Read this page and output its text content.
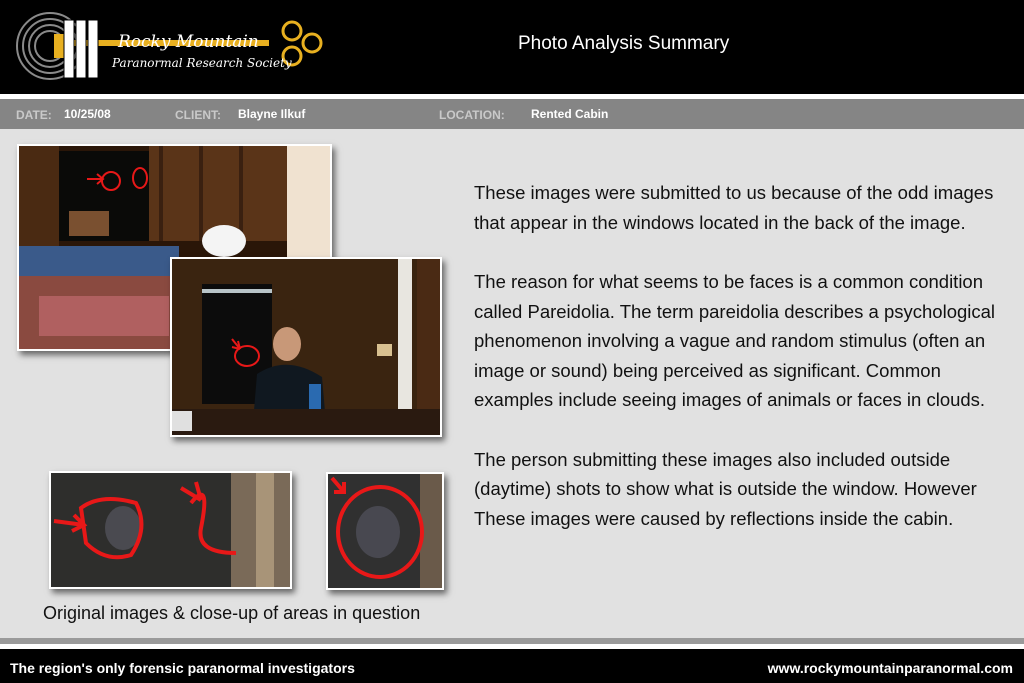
Rocky Mountain
Paranormal Research Society
Photo Analysis Summary
DATE: 10/25/08	CLIENT: Blayne Ilkuf	LOCATION: Rented Cabin
Original images & close-up of areas in question

These images were submitted to us because of the odd images that appear in the windows located in the back of the image.

The reason for what seems to be faces is a common condition called Pareidolia. The term pareidolia describes a psychological phenomenon involving a vague and random stimulus (often an image or sound) being perceived as significant. Common examples include seeing images of animals or faces in clouds.

The person submitting these images also included outside (daytime) shots to show what is outside the window. However These images were caused by reflections inside the cabin.

The region's only forensic paranormal investigators	www.rockymountainparanormal.com
